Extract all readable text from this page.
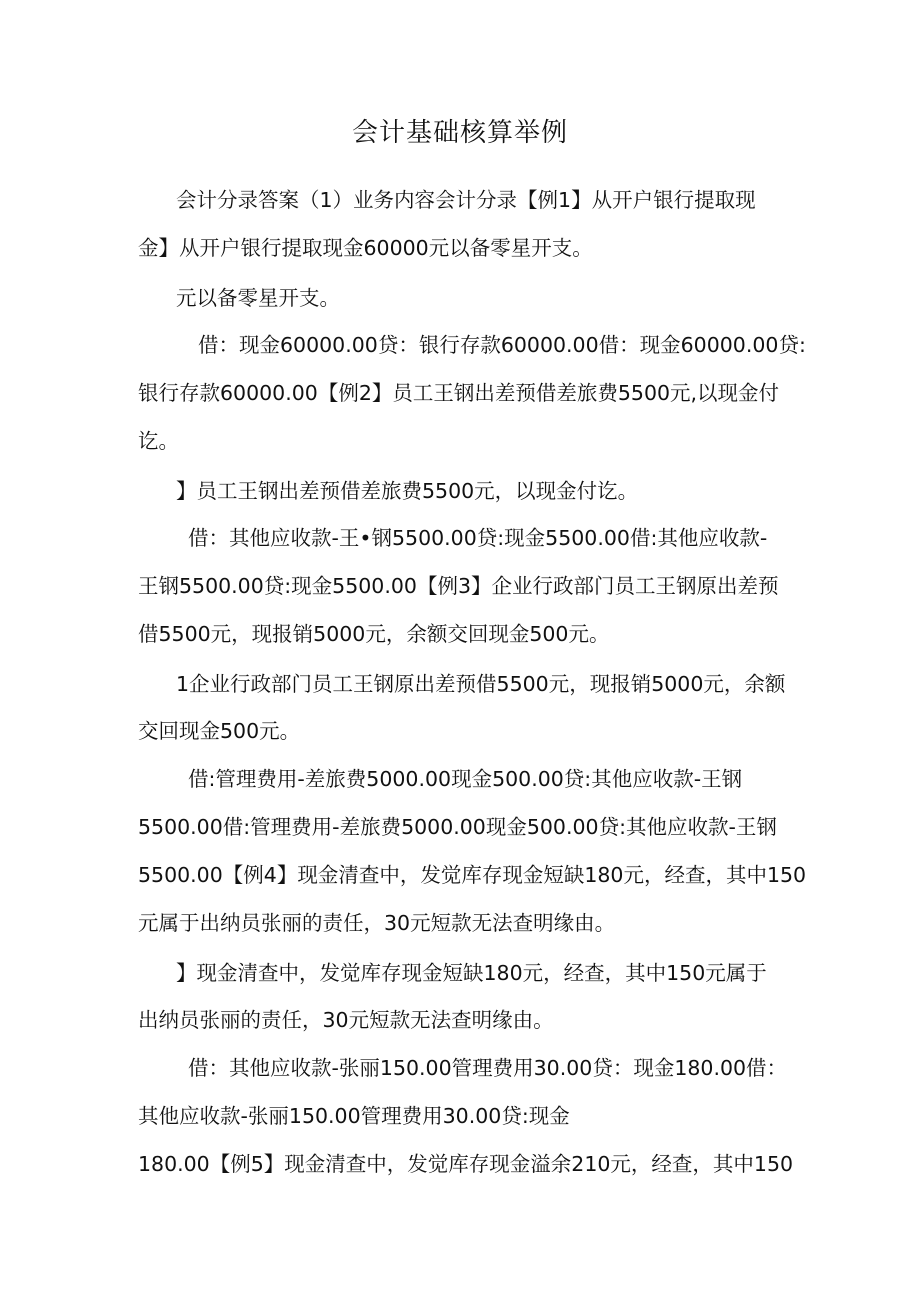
会计基础核算举例
会计分录答案（1）业务内容会计分录【例1】从开户银行提取现
金】从开户银行提取现金60000元以备零星开支。
元以备零星开支。
借：现金60000.00贷：银行存款60000.00借：现金60000.00贷:
银行存款60000.00【例2】员工王钢出差预借差旅费5500元,以现金付
讫。
】员工王钢出差预借差旅费5500元，以现金付讫。
借：其他应收款-王•钢5500.00贷:现金5500.00借:其他应收款-
王钢5500.00贷:现金5500.00【例3】企业行政部门员工王钢原出差预
借5500元，现报销5000元，余额交回现金500元。
1企业行政部门员工王钢原出差预借5500元，现报销5000元，余额
交回现金500元。
借:管理费用-差旅费5000.00现金500.00贷:其他应收款-王钢
5500.00借:管理费用-差旅费5000.00现金500.00贷:其他应收款-王钢
5500.00【例4】现金清查中，发觉库存现金短缺180元，经查，其中150
元属于出纳员张丽的责任，30元短款无法查明缘由。
】现金清查中，发觉库存现金短缺180元，经查，其中150元属于
出纳员张丽的责任，30元短款无法查明缘由。
借：其他应收款-张丽150.00管理费用30.00贷：现金180.00借：
其他应收款-张丽150.00管理费用30.00贷:现金
180.00【例5】现金清查中，发觉库存现金溢余210元，经查，其中150
